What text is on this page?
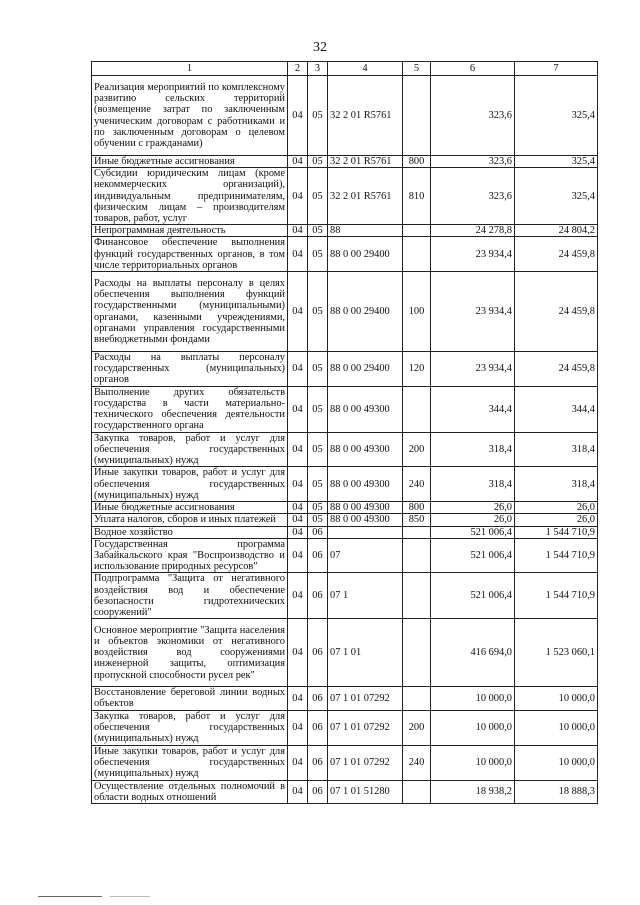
32
1	2	3	4	5	6	7
Реализация мероприятий по комплексному развитию сельских территорий (возмещение затрат по заключенным ученическим договорам с работниками и по заключенным договорам о целевом обучении с гражданами)	04	05	32 2 01 R5761		323,6	325,4
Иные бюджетные ассигнования	04	05	32 2 01 R5761	800	323,6	325,4
Субсидии юридическим лицам (кроме некоммерческих организаций), индивидуальным предпринимателям, физическим лицам – производителям товаров, работ, услуг	04	05	32 2 01 R5761	810	323,6	325,4
Непрограммная деятельность	04	05	88		24 278,8	24 804,2
Финансовое обеспечение выполнения функций государственных органов, в том числе территориальных органов	04	05	88 0 00 29400		23 934,4	24 459,8
Расходы на выплаты персоналу в целях обеспечения выполнения функций государственными (муниципальными) органами, казенными учреждениями, органами управления государственными внебюджетными фондами	04	05	88 0 00 29400	100	23 934,4	24 459,8
Расходы на выплаты персоналу государственных (муниципальных) органов	04	05	88 0 00 29400	120	23 934,4	24 459,8
Выполнение других обязательств государства в части материально-технического обеспечения деятельности государственного органа	04	05	88 0 00 49300		344,4	344,4
Закупка товаров, работ и услуг для обеспечения государственных (муниципальных) нужд	04	05	88 0 00 49300	200	318,4	318,4
Иные закупки товаров, работ и услуг для обеспечения государственных (муниципальных) нужд	04	05	88 0 00 49300	240	318,4	318,4
Иные бюджетные ассигнования	04	05	88 0 00 49300	800	26,0	26,0
Уплата налогов, сборов и иных платежей	04	05	88 0 00 49300	850	26,0	26,0
Водное хозяйство	04	06			521 006,4	1 544 710,9
Государственная программа Забайкальского края "Воспроизводство и использование природных ресурсов"	04	06	07		521 006,4	1 544 710,9
Подпрограмма "Защита от негативного воздействия вод и обеспечение безопасности гидротехнических сооружений"	04	06	07 1		521 006,4	1 544 710,9
Основное мероприятие "Защита населения и объектов экономики от негативного воздействия вод сооружениями инженерной защиты, оптимизация пропускной способности русел рек"	04	06	07 1 01		416 694,0	1 523 060,1
Восстановление береговой линии водных объектов	04	06	07 1 01 07292		10 000,0	10 000,0
Закупка товаров, работ и услуг для обеспечения государственных (муниципальных) нужд	04	06	07 1 01 07292	200	10 000,0	10 000,0
Иные закупки товаров, работ и услуг для обеспечения государственных (муниципальных) нужд	04	06	07 1 01 07292	240	10 000,0	10 000,0
Осуществление отдельных полномочий в области водных отношений	04	06	07 1 01 51280		18 938,2	18 888,3
